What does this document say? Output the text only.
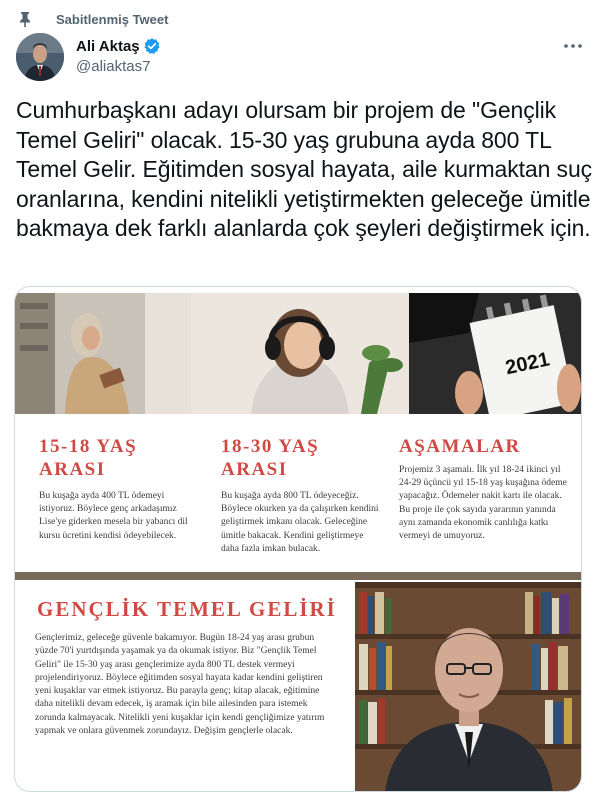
Sabitlenmiş Tweet
Ali Aktaş
@aliaktas7
Cumhurbaşkanı adayı olursam bir projem de "Gençlik Temel Geliri" olacak. 15-30 yaş grubuna ayda 800 TL Temel Gelir. Eğitimden sosyal hayata, aile kurmaktan suç oranlarına, kendini nitelikli yetiştirmekten geleceğe ümitle bakmaya dek farklı alanlarda çok şeyleri değiştirmek için.
2021
15-18 YAŞ ARASI
Bu kuşağa ayda 400 TL ödemeyi istiyoruz. Böylece genç arkadaşımız Lise'ye giderken mesela bir yabancı dil kursu ücretini kendisi ödeyebilecek.
18-30 YAŞ ARASI
Bu kuşağa ayda 800 TL ödeyeceğiz. Böylece okurken ya da çalışırken kendini geliştirmek imkanı olacak. Geleceğine ümitle bakacak. Kendini geliştirmeye daha fazla imkan bulacak.
AŞAMALAR
Projemiz 3 aşamalı. İlk yıl 18-24 ikinci yıl 24-29 üçüncü yıl 15-18 yaş kuşağına ödeme yapacağız. Ödemeler nakit kartı ile olacak. Bu proje ile çok sayıda yararının yanında aynı zamanda ekonomik canlılığa katkı vermeyi de umuyoruz.
GENÇLİK TEMEL GELİRİ
Gençlerimiz, geleceğe güvenle bakamıyor. Bugün 18-24 yaş arası grubun yüzde 70'i yurtdışında yaşamak ya da okumak istiyor. Biz "Gençlik Temel Geliri" ile 15-30 yaş arası gençlerimize ayda 800 TL destek vermeyi projelendiriyoruz. Böylece eğitimden sosyal hayata kadar kendini geliştiren yeni kuşaklar var etmek istiyoruz. Bu parayla genç; kitap alacak, eğitimine daha nitelikli devam edecek, iş aramak için bile ailesinden para istemek zorunda kalmayacak. Nitelikli yeni kuşaklar için kendi gençliğimize yatırım yapmak ve onlara güvenmek zorundayız. Değişim gençlerle olacak.
